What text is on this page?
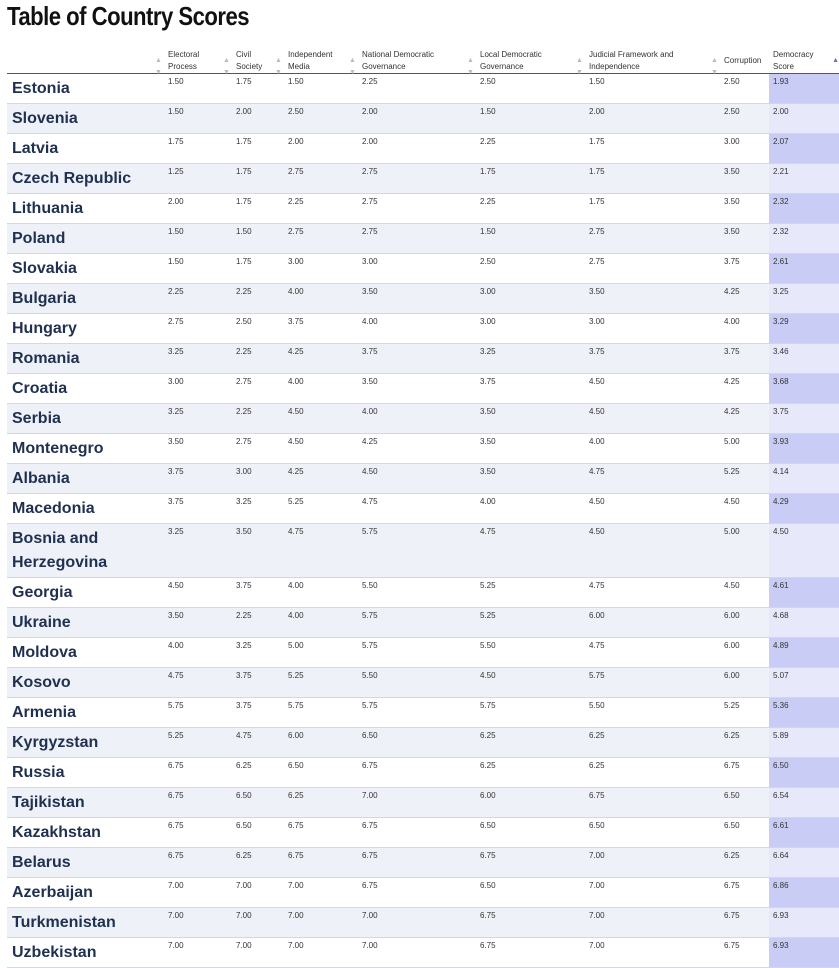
Table of Country Scores

	▲
▼
Electoral Process	▲
▼
Civil Society	▲
▼
Independent Media	▲
▼
National Democratic Governance	▲
▼
Local Democratic Governance	▲
▼
Judicial Framework and Independence	▲
▼
Corruption	▲
Democracy Score

Estonia	1.50	1.75	1.50	2.25	2.50	1.50	2.50	1.93
Slovenia	1.50	2.00	2.50	2.00	1.50	2.00	2.50	2.00
Latvia	1.75	1.75	2.00	2.00	2.25	1.75	3.00	2.07
Czech Republic	1.25	1.75	2.75	2.75	1.75	1.75	3.50	2.21
Lithuania	2.00	1.75	2.25	2.75	2.25	1.75	3.50	2.32
Poland	1.50	1.50	2.75	2.75	1.50	2.75	3.50	2.32
Slovakia	1.50	1.75	3.00	3.00	2.50	2.75	3.75	2.61
Bulgaria	2.25	2.25	4.00	3.50	3.00	3.50	4.25	3.25
Hungary	2.75	2.50	3.75	4.00	3.00	3.00	4.00	3.29
Romania	3.25	2.25	4.25	3.75	3.25	3.75	3.75	3.46
Croatia	3.00	2.75	4.00	3.50	3.75	4.50	4.25	3.68
Serbia	3.25	2.25	4.50	4.00	3.50	4.50	4.25	3.75
Montenegro	3.50	2.75	4.50	4.25	3.50	4.00	5.00	3.93
Albania	3.75	3.00	4.25	4.50	3.50	4.75	5.25	4.14
Macedonia	3.75	3.25	5.25	4.75	4.00	4.50	4.50	4.29
Bosnia and Herzegovina	3.25	3.50	4.75	5.75	4.75	4.50	5.00	4.50
Georgia	4.50	3.75	4.00	5.50	5.25	4.75	4.50	4.61
Ukraine	3.50	2.25	4.00	5.75	5.25	6.00	6.00	4.68
Moldova	4.00	3.25	5.00	5.75	5.50	4.75	6.00	4.89
Kosovo	4.75	3.75	5.25	5.50	4.50	5.75	6.00	5.07
Armenia	5.75	3.75	5.75	5.75	5.75	5.50	5.25	5.36
Kyrgyzstan	5.25	4.75	6.00	6.50	6.25	6.25	6.25	5.89
Russia	6.75	6.25	6.50	6.75	6.25	6.25	6.75	6.50
Tajikistan	6.75	6.50	6.25	7.00	6.00	6.75	6.50	6.54
Kazakhstan	6.75	6.50	6.75	6.75	6.50	6.50	6.50	6.61
Belarus	6.75	6.25	6.75	6.75	6.75	7.00	6.25	6.64
Azerbaijan	7.00	7.00	7.00	6.75	6.50	7.00	6.75	6.86
Turkmenistan	7.00	7.00	7.00	7.00	6.75	7.00	6.75	6.93
Uzbekistan	7.00	7.00	7.00	7.00	6.75	7.00	6.75	6.93
